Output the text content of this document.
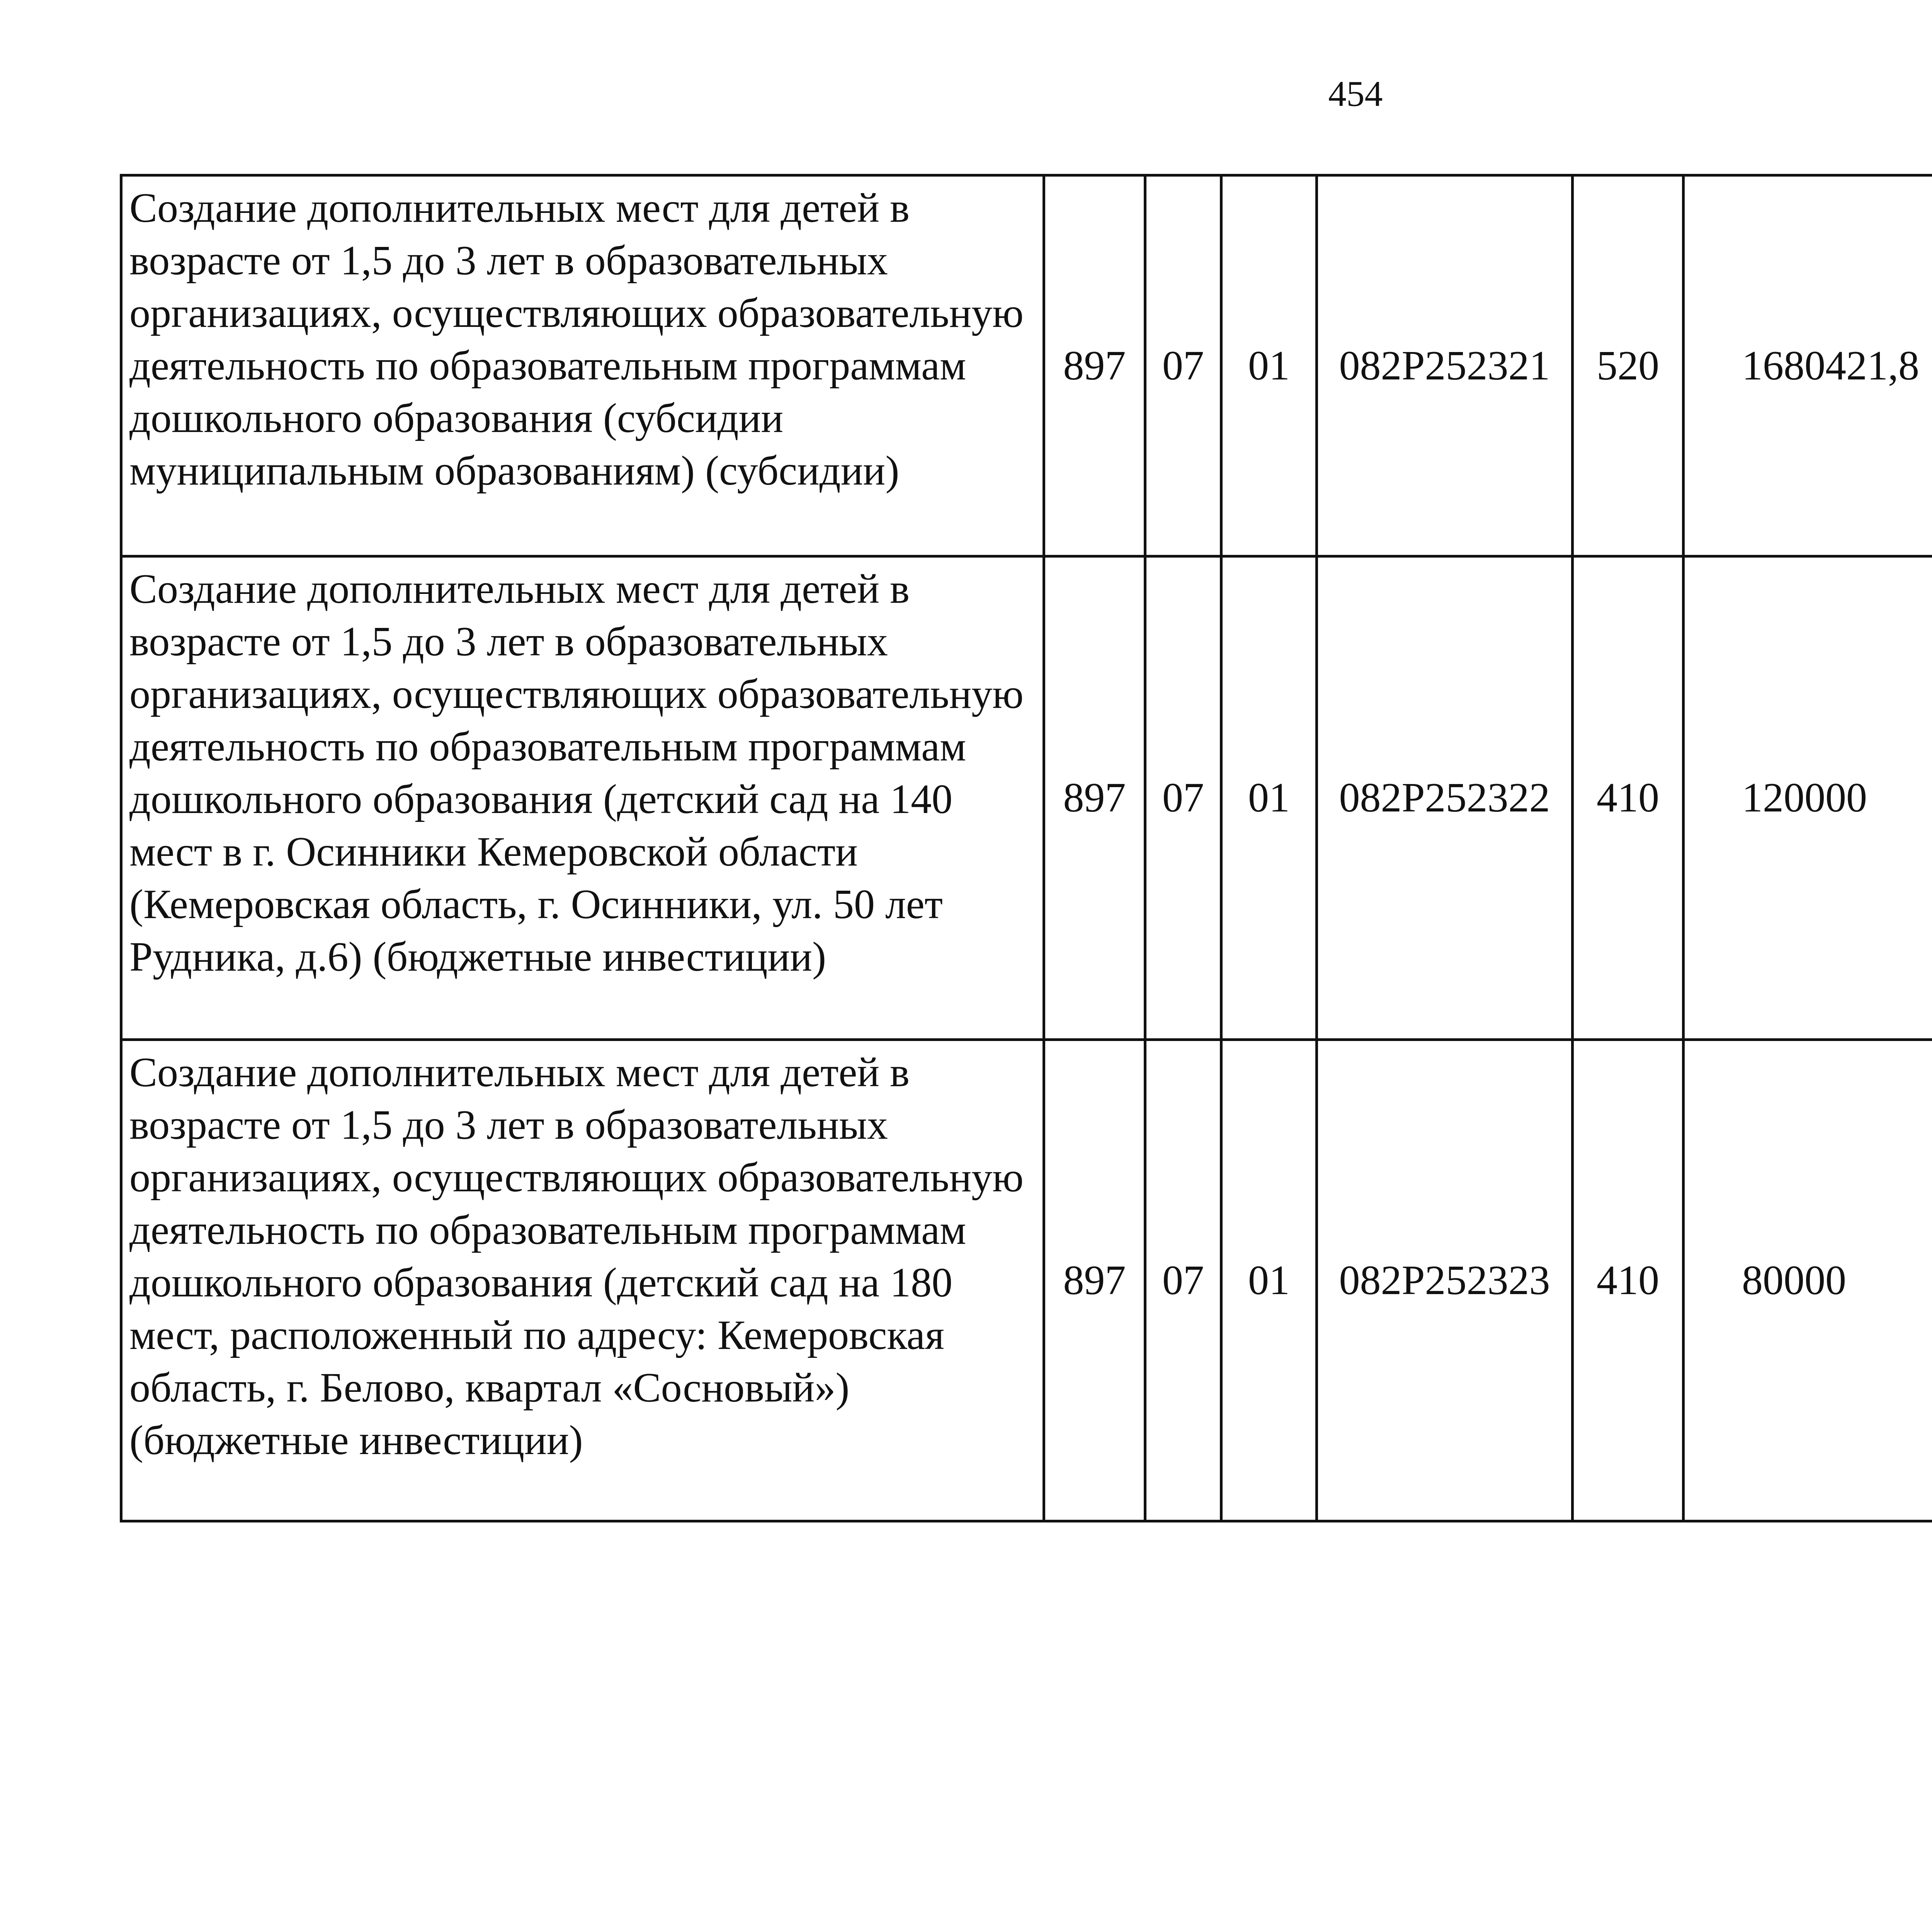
454
Создание дополнительных мест для детей в возрасте от 1,5 до 3 лет в образовательных организациях, осуществляющих образовательную деятельность по образовательным программам дошкольного образования (субсидии муниципальным образованиям) (субсидии)	897	07	01	082P252321	520	1680421,8		
Создание дополнительных мест для детей в возрасте от 1,5 до 3 лет в образовательных организациях, осуществляющих образовательную деятельность по образовательным программам дошкольного образования (детский сад на 140 мест в г. Осинники Кемеровской области (Кемеровская область, г. Осинники, ул. 50 лет Рудника, д.6) (бюджетные инвестиции)	897	07	01	082P252322	410	120000		
Создание дополнительных мест для детей в возрасте от 1,5 до 3 лет в образовательных организациях, осуществляющих образовательную деятельность по образовательным программам дошкольного образования (детский сад на 180 мест, расположенный по адресу: Кемеровская область, г. Белово, квартал «Сосновый») (бюджетные инвестиции)	897	07	01	082P252323	410	80000		
